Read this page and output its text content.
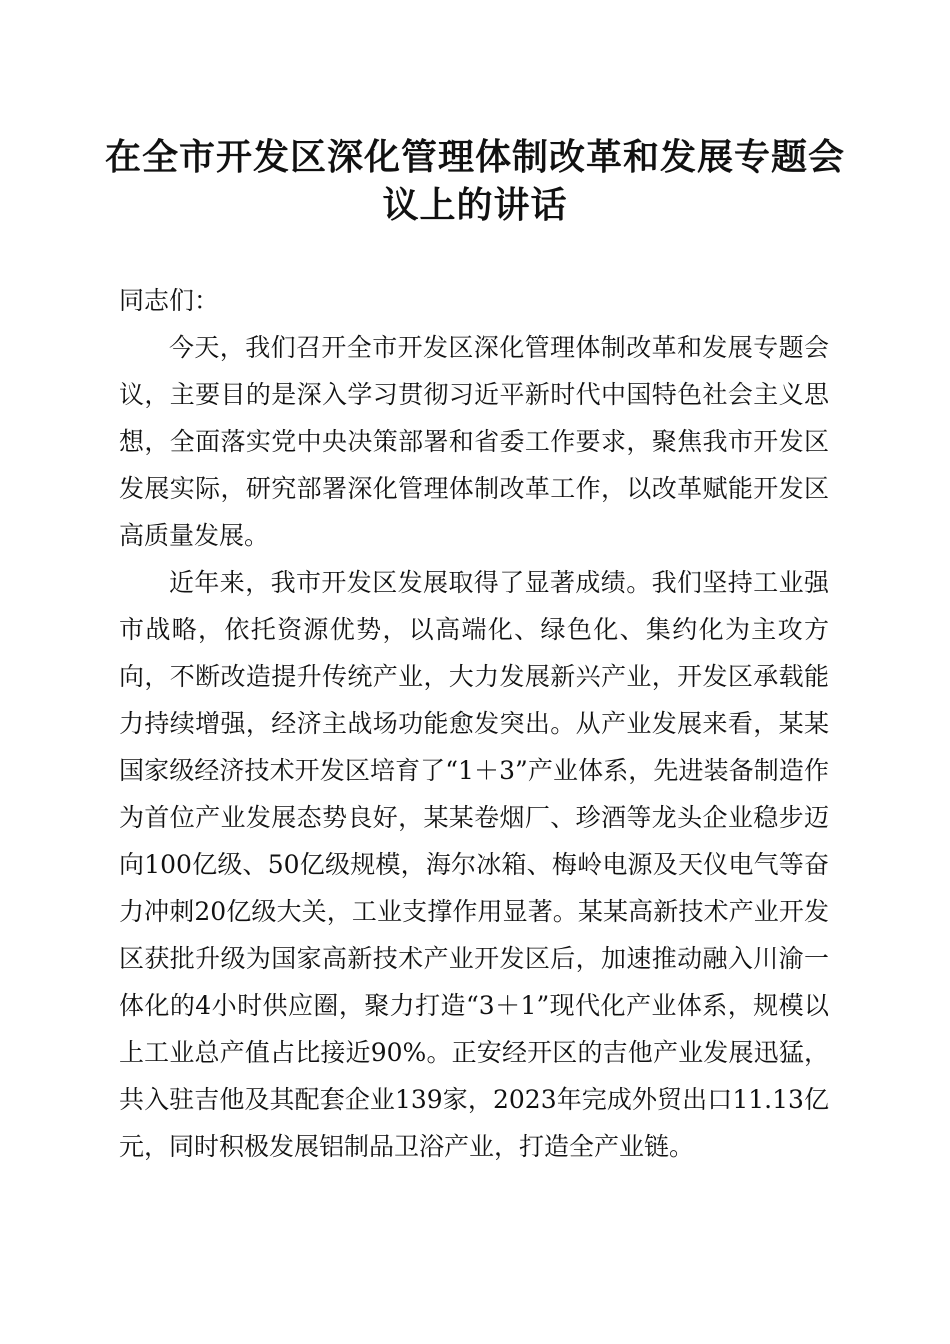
在全市开发区深化管理体制改革和发展专题会议上的讲话

同志们：

今天，我们召开全市开发区深化管理体制改革和发展专题会议，主要目的是深入学习贯彻习近平新时代中国特色社会主义思想，全面落实党中央决策部署和省委工作要求，聚焦我市开发区发展实际，研究部署深化管理体制改革工作，以改革赋能开发区高质量发展。

近年来，我市开发区发展取得了显著成绩。我们坚持工业强市战略，依托资源优势，以高端化、绿色化、集约化为主攻方向，不断改造提升传统产业，大力发展新兴产业，开发区承载能力持续增强，经济主战场功能愈发突出。从产业发展来看，某某国家级经济技术开发区培育了“1＋3”产业体系，先进装备制造作为首位产业发展态势良好，某某卷烟厂、珍酒等龙头企业稳步迈向100亿级、50亿级规模，海尔冰箱、梅岭电源及天仪电气等奋力冲刺20亿级大关，工业支撑作用显著。某某高新技术产业开发区获批升级为国家高新技术产业开发区后，加速推动融入川渝一体化的4小时供应圈，聚力打造“3＋1”现代化产业体系，规模以上工业总产值占比接近90%。正安经开区的吉他产业发展迅猛，共入驻吉他及其配套企业139家，2023年完成外贸出口11.13亿元，同时积极发展铝制品卫浴产业，打造全产业链。
